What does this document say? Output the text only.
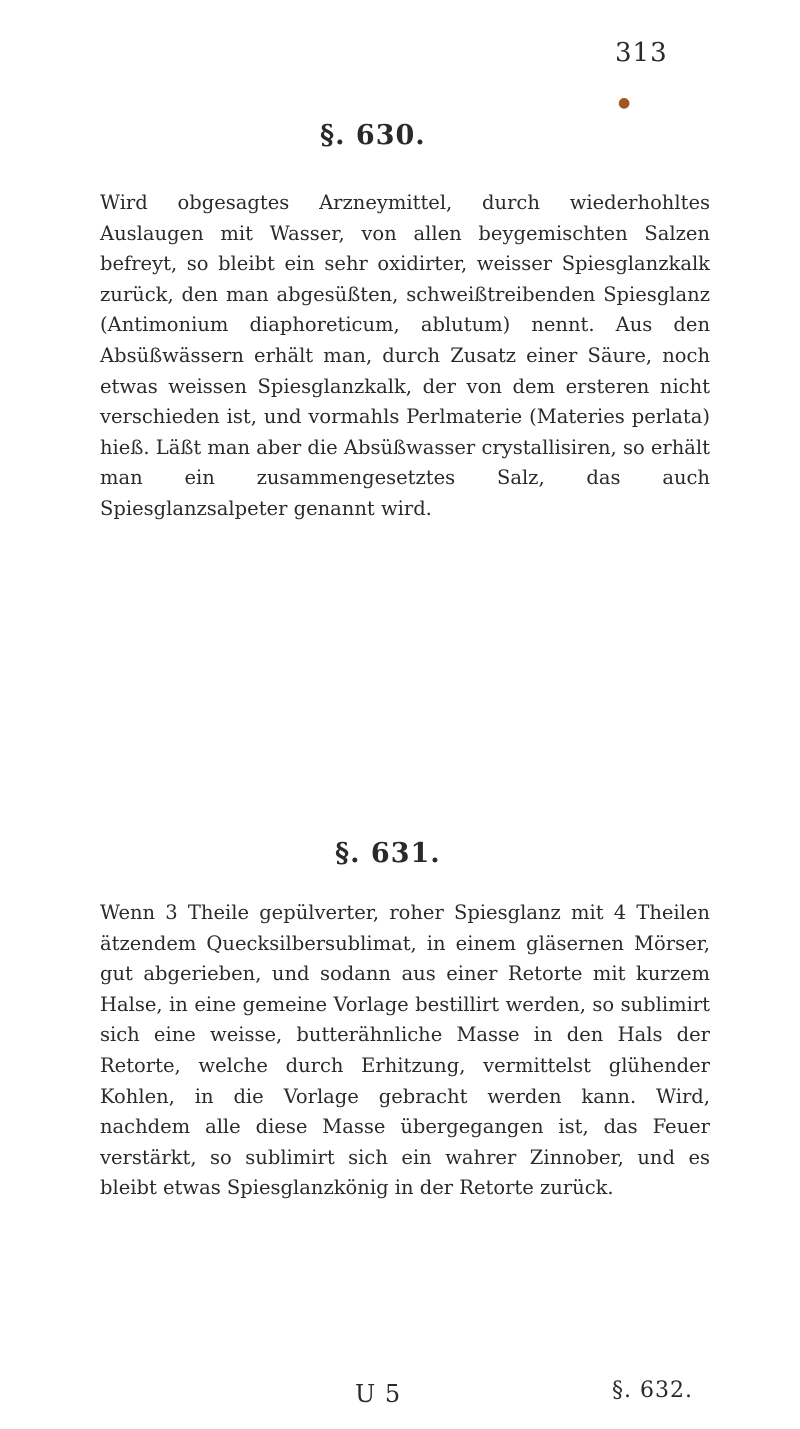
313
●
§. 630.
Wird obgesagtes Arzneymittel, durch wiederhohltes Auslaugen mit Wasser, von allen beygemischten Salzen befreyt, so bleibt ein sehr oxidirter, weisser Spiesglanzkalk zurück, den man abgesüßten, schweißtreibenden Spiesglanz (Antimonium diaphoreticum, ablutum) nennt. Aus den Absüßwässern erhält man, durch Zusatz einer Säure, noch etwas weissen Spiesglanzkalk, der von dem ersteren nicht verschieden ist, und vormahls Perlmaterie (Materies perlata) hieß. Läßt man aber die Absüßwasser crystallisiren, so erhält man ein zusammengesetztes Salz, das auch Spiesglanzsalpeter genannt wird.
§. 631.
Wenn 3 Theile gepülverter, roher Spiesglanz mit 4 Theilen ätzendem Quecksilbersublimat, in einem gläsernen Mörser, gut abgerieben, und sodann aus einer Retorte mit kurzem Halse, in eine gemeine Vorlage bestillirt werden, so sublimirt sich eine weisse, butterähnliche Masse in den Hals der Retorte, welche durch Erhitzung, vermittelst glühender Kohlen, in die Vorlage gebracht werden kann. Wird, nachdem alle diese Masse übergegangen ist, das Feuer verstärkt, so sublimirt sich ein wahrer Zinnober, und es bleibt etwas Spiesglanzkönig in der Retorte zurück.
U 5	§. 632.
